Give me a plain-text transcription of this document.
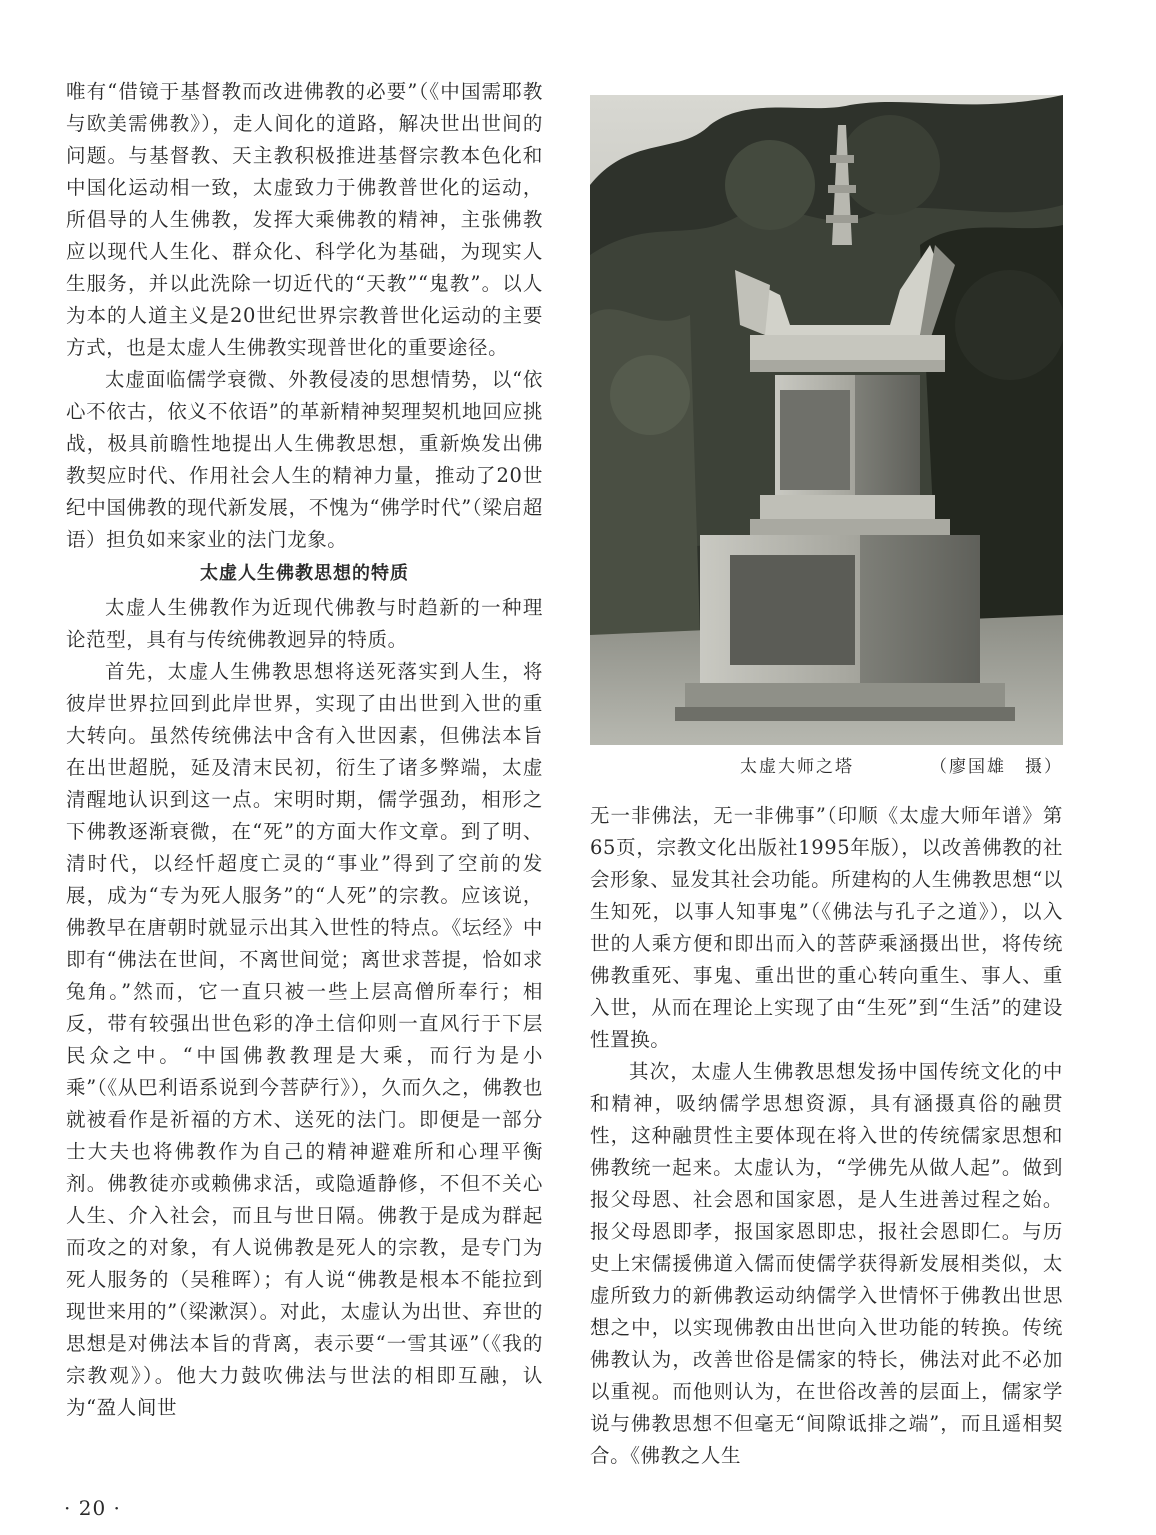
唯有“借镜于基督教而改进佛教的必要”（《中国需耶教与欧美需佛教》），走人间化的道路，解决世出世间的问题。与基督教、天主教积极推进基督宗教本色化和中国化运动相一致，太虚致力于佛教普世化的运动，所倡导的人生佛教，发挥大乘佛教的精神，主张佛教应以现代人生化、群众化、科学化为基础，为现实人生服务，并以此洗除一切近代的“天教”“鬼教”。以人为本的人道主义是20世纪世界宗教普世化运动的主要方式，也是太虚人生佛教实现普世化的重要途径。

太虚面临儒学衰微、外教侵凌的思想情势，以“依心不依古，依义不依语”的革新精神契理契机地回应挑战，极具前瞻性地提出人生佛教思想，重新焕发出佛教契应时代、作用社会人生的精神力量，推动了20世纪中国佛教的现代新发展，不愧为“佛学时代”（梁启超语）担负如来家业的法门龙象。

太虚人生佛教思想的特质

太虚人生佛教作为近现代佛教与时趋新的一种理论范型，具有与传统佛教迥异的特质。

首先，太虚人生佛教思想将送死落实到人生，将彼岸世界拉回到此岸世界，实现了由出世到入世的重大转向。虽然传统佛法中含有入世因素，但佛法本旨在出世超脱，延及清末民初，衍生了诸多弊端，太虚清醒地认识到这一点。宋明时期，儒学强劲，相形之下佛教逐渐衰微，在“死”的方面大作文章。到了明、清时代，以经忏超度亡灵的“事业”得到了空前的发展，成为“专为死人服务”的“人死”的宗教。应该说，佛教早在唐朝时就显示出其入世性的特点。《坛经》中即有“佛法在世间，不离世间觉；离世求菩提，恰如求兔角。”然而，它一直只被一些上层高僧所奉行；相反，带有较强出世色彩的净土信仰则一直风行于下层民众之中。“中国佛教教理是大乘，而行为是小乘”（《从巴利语系说到今菩萨行》），久而久之，佛教也就被看作是祈福的方术、送死的法门。即便是一部分士大夫也将佛教作为自己的精神避难所和心理平衡剂。佛教徒亦或赖佛求活，或隐遁静修，不但不关心人生、介入社会，而且与世日隔。佛教于是成为群起而攻之的对象，有人说佛教是死人的宗教，是专门为死人服务的（吴稚晖）；有人说“佛教是根本不能拉到现世来用的”（梁漱溟）。对此，太虚认为出世、弃世的思想是对佛法本旨的背离，表示要“一雪其诬”（《我的宗教观》）。他大力鼓吹佛法与世法的相即互融，认为“盈人间世

太虚大师之塔	（廖国雄　摄）

无一非佛法，无一非佛事”（印顺《太虚大师年谱》第65页，宗教文化出版社1995年版），以改善佛教的社会形象、显发其社会功能。所建构的人生佛教思想“以生知死，以事人知事鬼”（《佛法与孔子之道》），以入世的人乘方便和即出而入的菩萨乘涵摄出世，将传统佛教重死、事鬼、重出世的重心转向重生、事人、重入世，从而在理论上实现了由“生死”到“生活”的建设性置换。

其次，太虚人生佛教思想发扬中国传统文化的中和精神，吸纳儒学思想资源，具有涵摄真俗的融贯性，这种融贯性主要体现在将入世的传统儒家思想和佛教统一起来。太虚认为，“学佛先从做人起”。做到报父母恩、社会恩和国家恩，是人生进善过程之始。报父母恩即孝，报国家恩即忠，报社会恩即仁。与历史上宋儒援佛道入儒而使儒学获得新发展相类似，太虚所致力的新佛教运动纳儒学入世情怀于佛教出世思想之中，以实现佛教由出世向入世功能的转换。传统佛教认为，改善世俗是儒家的特长，佛法对此不必加以重视。而他则认为，在世俗改善的层面上，儒家学说与佛教思想不但毫无“间隙诋排之端”，而且遥相契合。《佛教之人生

· 20 ·
